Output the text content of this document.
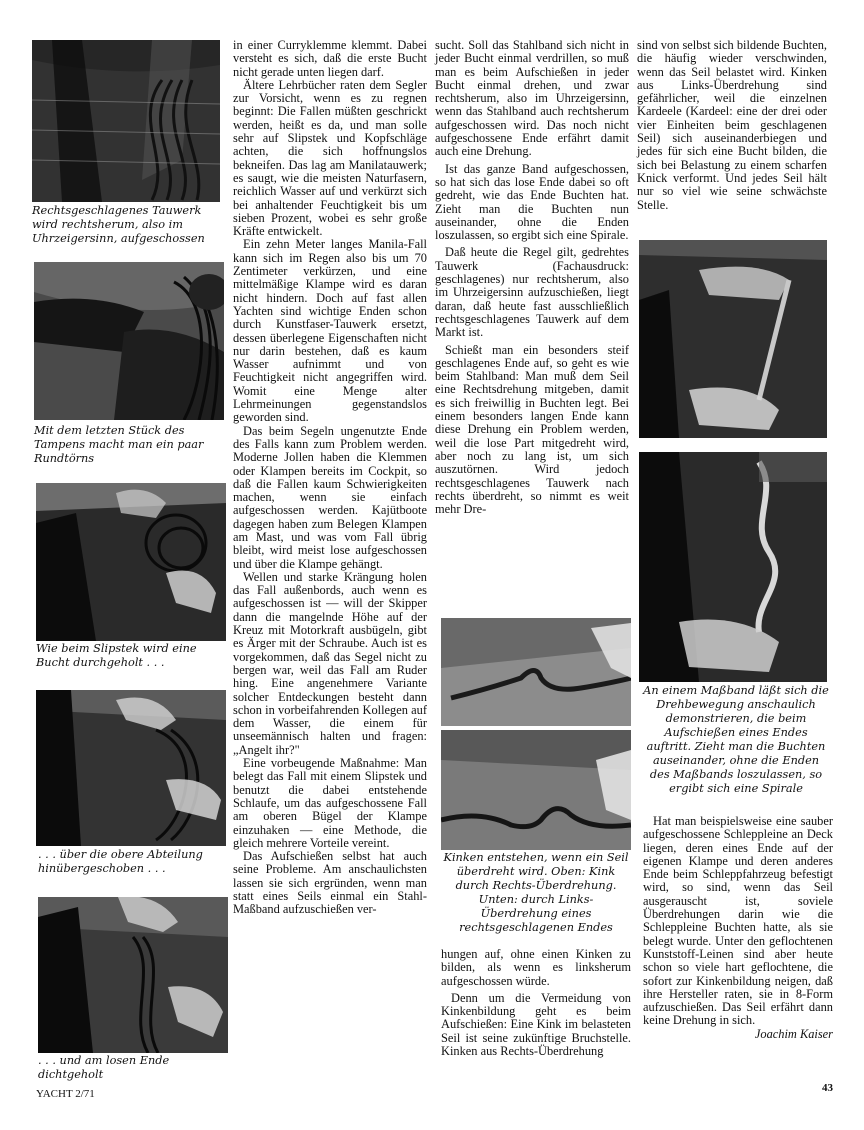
Rechtsgeschlagenes Tauwerk wird rechtsherum, also im Uhrzeigersinn, aufgeschossen

Mit dem letzten Stück des Tampens macht man ein paar Rundtörns

Wie beim Slipstek wird eine Bucht durchgeholt . . .

. . . über die obere Abteilung hinübergeschoben . . .

. . . und am losen Ende dichtgeholt

in einer Curryklemme klemmt. Dabei versteht es sich, daß die erste Bucht nicht gerade unten liegen darf.

Ältere Lehrbücher raten dem Segler zur Vorsicht, wenn es zu regnen beginnt: Die Fallen müßten geschrickt werden, heißt es da, und man solle sehr auf Slipstek und Kopfschläge achten, die sich hoffnungslos bekneifen. Das lag am Manilatauwerk; es saugt, wie die meisten Naturfasern, reichlich Wasser auf und verkürzt sich bei anhaltender Feuchtigkeit bis um sieben Prozent, wobei es sehr große Kräfte entwickelt.

Ein zehn Meter langes Manila-Fall kann sich im Regen also bis um 70 Zentimeter verkürzen, und eine mittelmäßige Klampe wird es daran nicht hindern. Doch auf fast allen Yachten sind wichtige Enden schon durch Kunstfaser-Tauwerk ersetzt, dessen überlegene Eigenschaften nicht nur darin bestehen, daß es kaum Wasser aufnimmt und von Feuchtigkeit nicht angegriffen wird. Womit eine Menge alter Lehrmeinungen gegenstandslos geworden sind.

Das beim Segeln ungenutzte Ende des Falls kann zum Problem werden. Moderne Jollen haben die Klemmen oder Klampen bereits im Cockpit, so daß die Fallen kaum Schwierigkeiten machen, wenn sie einfach aufgeschossen werden. Kajütboote dagegen haben zum Belegen Klampen am Mast, und was vom Fall übrig bleibt, wird meist lose aufgeschossen und über die Klampe gehängt.

Wellen und starke Krängung holen das Fall außenbords, auch wenn es aufgeschossen ist — will der Skipper dann die mangelnde Höhe auf der Kreuz mit Motorkraft ausbügeln, gibt es Ärger mit der Schraube. Auch ist es vorgekommen, daß das Segel nicht zu bergen war, weil das Fall am Ruder hing. Eine angenehmere Variante solcher Entdeckungen besteht dann schon in vorbeifahrenden Kollegen auf dem Wasser, die einem für unseemännisch halten und fragen: „Angelt ihr?"

Eine vorbeugende Maßnahme: Man belegt das Fall mit einem Slipstek und benutzt die dabei entstehende Schlaufe, um das aufgeschossene Fall am oberen Bügel der Klampe einzuhaken — eine Methode, die gleich mehrere Vorteile vereint.

Das Aufschießen selbst hat auch seine Probleme. Am anschaulichsten lassen sie sich ergründen, wenn man statt eines Seils einmal ein Stahl-Maßband aufzuschießen ver-

sucht. Soll das Stahlband sich nicht in jeder Bucht einmal verdrillen, so muß man es beim Aufschießen in jeder Bucht einmal drehen, und zwar rechtsherum, also im Uhrzeigersinn, wenn das Stahlband auch rechtsherum aufgeschossen wird. Das noch nicht aufgeschossene Ende erfährt damit auch eine Drehung.

Ist das ganze Band aufgeschossen, so hat sich das lose Ende dabei so oft gedreht, wie das Ende Buchten hat. Zieht man die Buchten nun auseinander, ohne die Enden loszulassen, so ergibt sich eine Spirale.

Daß heute die Regel gilt, gedrehtes Tauwerk (Fachausdruck: geschlagenes) nur rechtsherum, also im Uhrzeigersinn aufzuschießen, liegt daran, daß heute fast ausschließlich rechtsgeschlagenes Tauwerk auf dem Markt ist.

Schießt man ein besonders steif geschlagenes Ende auf, so geht es wie beim Stahlband: Man muß dem Seil eine Rechtsdrehung mitgeben, damit es sich freiwillig in Buchten legt. Bei einem besonders langen Ende kann diese Drehung ein Problem werden, weil die lose Part mitgedreht wird, aber noch zu lang ist, um sich auszutörnen. Wird jedoch rechtsgeschlagenes Tauwerk nach rechts überdreht, so nimmt es weit mehr Dre-

Kinken entstehen, wenn ein Seil überdreht wird. Oben: Kink durch Rechts-Überdrehung. Unten: durch Links-Überdrehung eines rechtsgeschlagenen Endes

hungen auf, ohne einen Kinken zu bilden, als wenn es linksherum aufgeschossen würde.

Denn um die Vermeidung von Kinkenbildung geht es beim Aufschießen: Eine Kink im belasteten Seil ist seine zukünftige Bruchstelle. Kinken aus Rechts-Überdrehung

sind von selbst sich bildende Buchten, die häufig wieder verschwinden, wenn das Seil belastet wird. Kinken aus Links-Überdrehung sind gefährlicher, weil die einzelnen Kardeele (Kardeel: eine der drei oder vier Einheiten beim geschlagenen Seil) sich auseinanderbiegen und jedes für sich eine Bucht bilden, die sich bei Belastung zu einem scharfen Knick verformt. Und jedes Seil hält nur so viel wie seine schwächste Stelle.

An einem Maßband läßt sich die Drehbewegung anschaulich demonstrieren, die beim Aufschießen eines Endes auftritt. Zieht man die Buchten auseinander, ohne die Enden des Maßbands loszulassen, so ergibt sich eine Spirale

Hat man beispielsweise eine sauber aufgeschossene Schleppleine an Deck liegen, deren eines Ende auf der eigenen Klampe und deren anderes Ende beim Schleppfahrzeug befestigt wird, so sind, wenn das Seil ausgerauscht ist, soviele Überdrehungen darin wie die Schleppleine Buchten hatte, als sie belegt wurde. Unter den geflochtenen Kunststoff-Leinen sind aber heute schon so viele hart geflochtene, die sofort zur Kinkenbildung neigen, daß ihre Hersteller raten, sie in 8-Form aufzuschießen. Das Seil erfährt dann keine Drehung in sich.

Joachim Kaiser

YACHT 2/71	43
